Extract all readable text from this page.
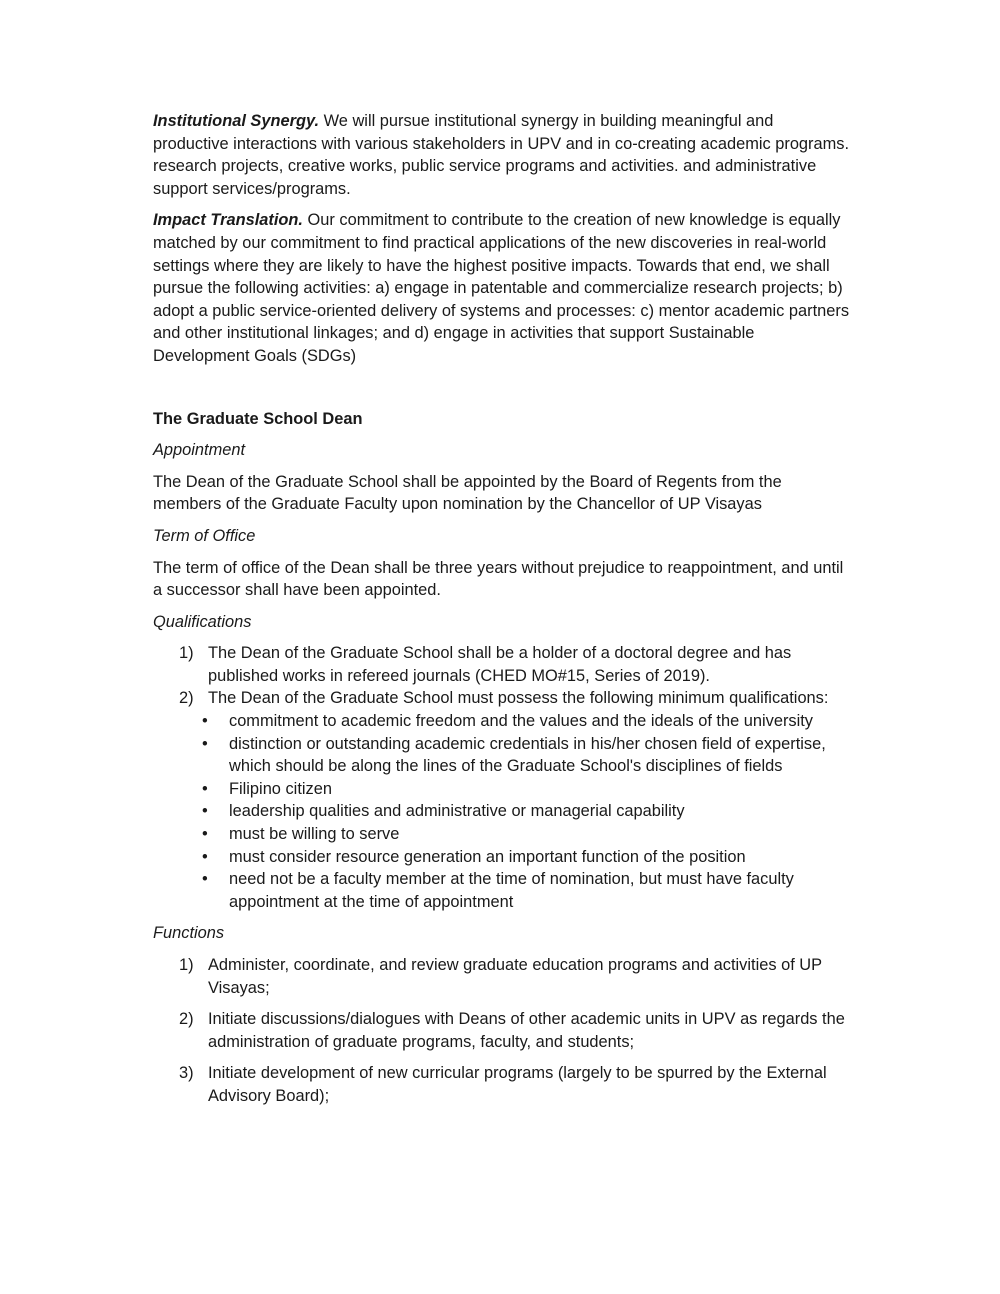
Institutional Synergy. We will pursue institutional synergy in building meaningful and productive interactions with various stakeholders in UPV and in co-creating academic programs. research projects, creative works, public service programs and activities. and administrative support services/programs.

Impact Translation. Our commitment to contribute to the creation of new knowledge is equally matched by our commitment to find practical applications of the new discoveries in real-world settings where they are likely to have the highest positive impacts. Towards that end, we shall pursue the following activities: a) engage in patentable and commercialize research projects; b) adopt a public service-oriented delivery of systems and processes: c) mentor academic partners and other institutional linkages; and d) engage in activities that support Sustainable Development Goals (SDGs)

The Graduate School Dean

Appointment

The Dean of the Graduate School shall be appointed by the Board of Regents from the members of the Graduate Faculty upon nomination by the Chancellor of UP Visayas

Term of Office

The term of office of the Dean shall be three years without prejudice to reappointment, and until a successor shall have been appointed.

Qualifications

1) The Dean of the Graduate School shall be a holder of a doctoral degree and has published works in refereed journals (CHED MO#15, Series of 2019).
2) The Dean of the Graduate School must possess the following minimum qualifications:
• commitment to academic freedom and the values and the ideals of the university
• distinction or outstanding academic credentials in his/her chosen field of expertise, which should be along the lines of the Graduate School's disciplines of fields
• Filipino citizen
• leadership qualities and administrative or managerial capability
• must be willing to serve
• must consider resource generation an important function of the position
• need not be a faculty member at the time of nomination, but must have faculty appointment at the time of appointment

Functions

1) Administer, coordinate, and review graduate education programs and activities of UP Visayas;
2) Initiate discussions/dialogues with Deans of other academic units in UPV as regards the administration of graduate programs, faculty, and students;
3) Initiate development of new curricular programs (largely to be spurred by the External Advisory Board);
